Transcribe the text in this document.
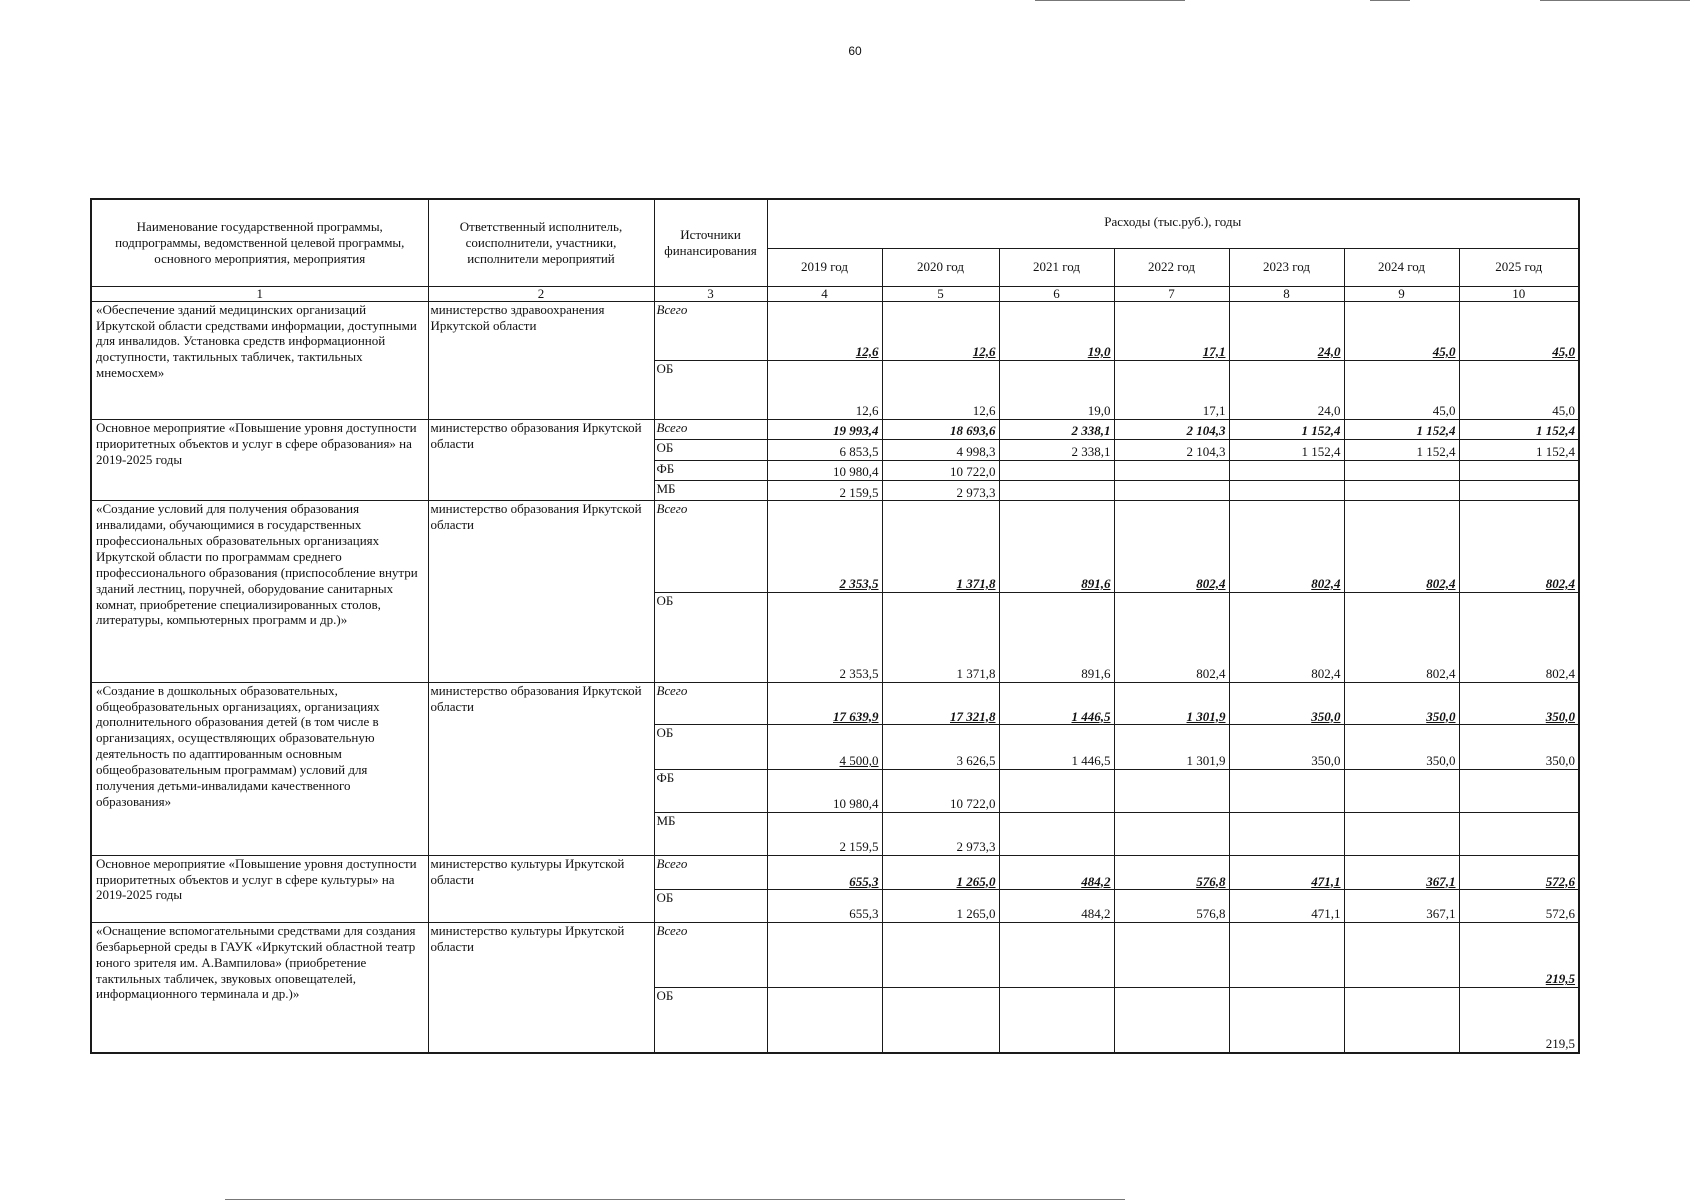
60
Наименование государственной программы, подпрограммы, ведомственной целевой программы, основного мероприятия, мероприятия	Ответственный исполнитель, соисполнители, участники, исполнители мероприятий	Источники финансирования	Расходы (тыс.руб.), годы						
			2019 год	2020 год	2021 год	2022 год	2023 год	2024 год	2025 год
1	2	3	4	5	6	7	8	9	10
«Обеспечение зданий медицинских организаций Иркутской области средствами информации, доступными для инвалидов. Установка средств информационной доступности, тактильных табличек, тактильных мнемосхем»	министерство здравоохранения Иркутской области	Всего	12,6	12,6	19,0	17,1	24,0	45,0	45,0
		ОБ	12,6	12,6	19,0	17,1	24,0	45,0	45,0
Основное мероприятие «Повышение уровня доступности приоритетных объектов и услуг в сфере образования» на 2019-2025 годы	министерство образования Иркутской области	Всего	19 993,4	18 693,6	2 338,1	2 104,3	1 152,4	1 152,4	1 152,4
		ОБ	6 853,5	4 998,3	2 338,1	2 104,3	1 152,4	1 152,4	1 152,4
		ФБ	10 980,4	10 722,0					
		МБ	2 159,5	2 973,3					
«Создание условий для получения образования инвалидами, обучающимися в государственных профессиональных образовательных организациях Иркутской области по программам среднего профессионального образования (приспособление внутри зданий лестниц, поручней, оборудование санитарных комнат, приобретение специализированных столов, литературы, компьютерных программ и др.)»	министерство образования Иркутской области	Всего	2 353,5	1 371,8	891,6	802,4	802,4	802,4	802,4
		ОБ	2 353,5	1 371,8	891,6	802,4	802,4	802,4	802,4
«Создание в дошкольных образовательных, общеобразовательных организациях, организациях дополнительного образования детей (в том числе в организациях, осуществляющих образовательную деятельность по адаптированным основным общеобразовательным программам) условий для получения детьми-инвалидами качественного образования»	министерство образования Иркутской области	Всего	17 639,9	17 321,8	1 446,5	1 301,9	350,0	350,0	350,0
		ОБ	4 500,0	3 626,5	1 446,5	1 301,9	350,0	350,0	350,0
		ФБ	10 980,4	10 722,0					
		МБ	2 159,5	2 973,3					
Основное мероприятие «Повышение уровня доступности приоритетных объектов и услуг в сфере культуры» на 2019-2025 годы	министерство культуры Иркутской области	Всего	655,3	1 265,0	484,2	576,8	471,1	367,1	572,6
		ОБ	655,3	1 265,0	484,2	576,8	471,1	367,1	572,6
«Оснащение вспомогательными средствами для создания безбарьерной среды в ГАУК «Иркутский областной театр юного зрителя им. А.Вампилова» (приобретение тактильных табличек, звуковых оповещателей, информационного терминала и др.)»	министерство культуры Иркутской области	Всего							219,5
		ОБ							219,5
